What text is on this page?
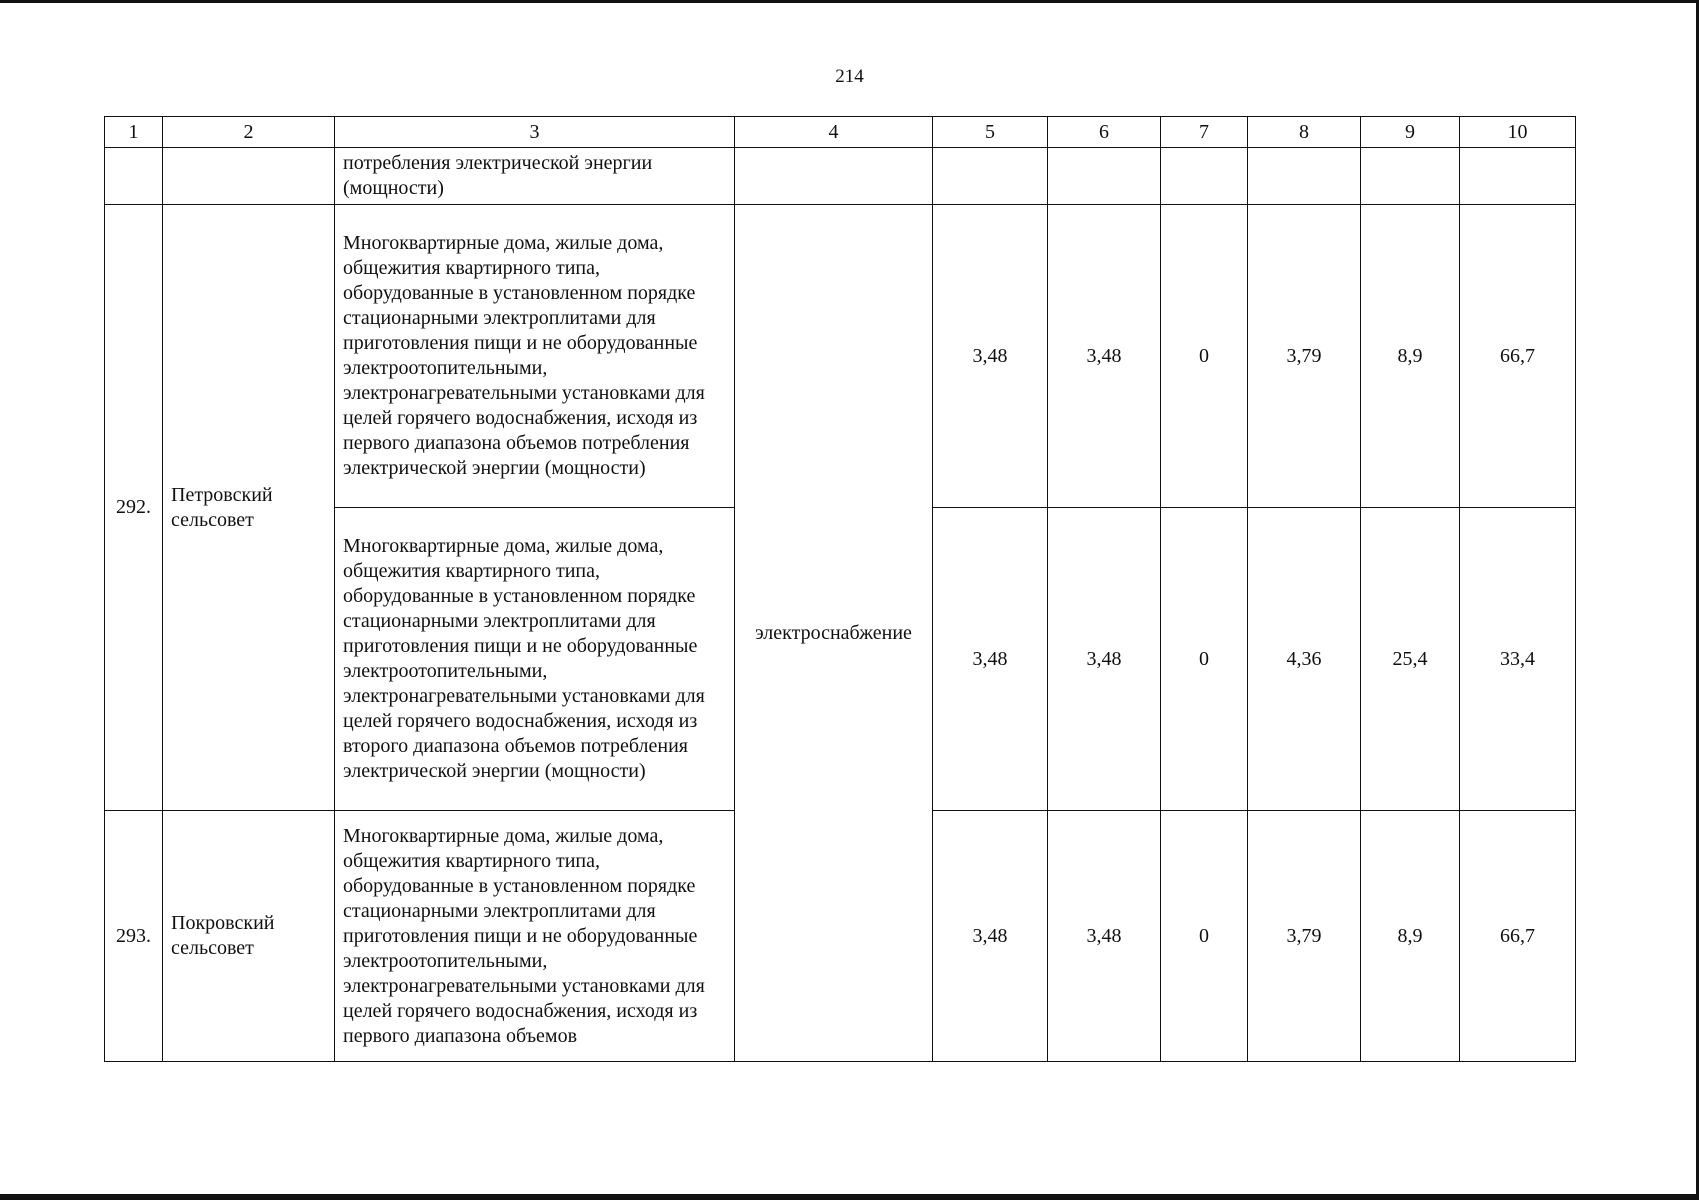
214
1	2	3	4	5	6	7	8	9	10
		потребления электрической энергии (мощности)							
292.	Петровский сельсовет	Многоквартирные дома, жилые дома, общежития квартирного типа, оборудованные в установленном порядке стационарными электроплитами для приготовления пищи и не оборудованные электроотопительными, электронагревательными установками для целей горячего водоснабжения, исходя из первого диапазона объемов потребления электрической энергии (мощности)	электроснабжение	3,48	3,48	0	3,79	8,9	66,7
		Многоквартирные дома, жилые дома, общежития квартирного типа, оборудованные в установленном порядке стационарными электроплитами для приготовления пищи и не оборудованные электроотопительными, электронагревательными установками для целей горячего водоснабжения, исходя из второго диапазона объемов потребления электрической энергии (мощности)		3,48	3,48	0	4,36	25,4	33,4
293.	Покровский сельсовет	Многоквартирные дома, жилые дома, общежития квартирного типа, оборудованные в установленном порядке стационарными электроплитами для приготовления пищи и не оборудованные электроотопительными, электронагревательными установками для целей горячего водоснабжения, исходя из первого диапазона объемов		3,48	3,48	0	3,79	8,9	66,7
